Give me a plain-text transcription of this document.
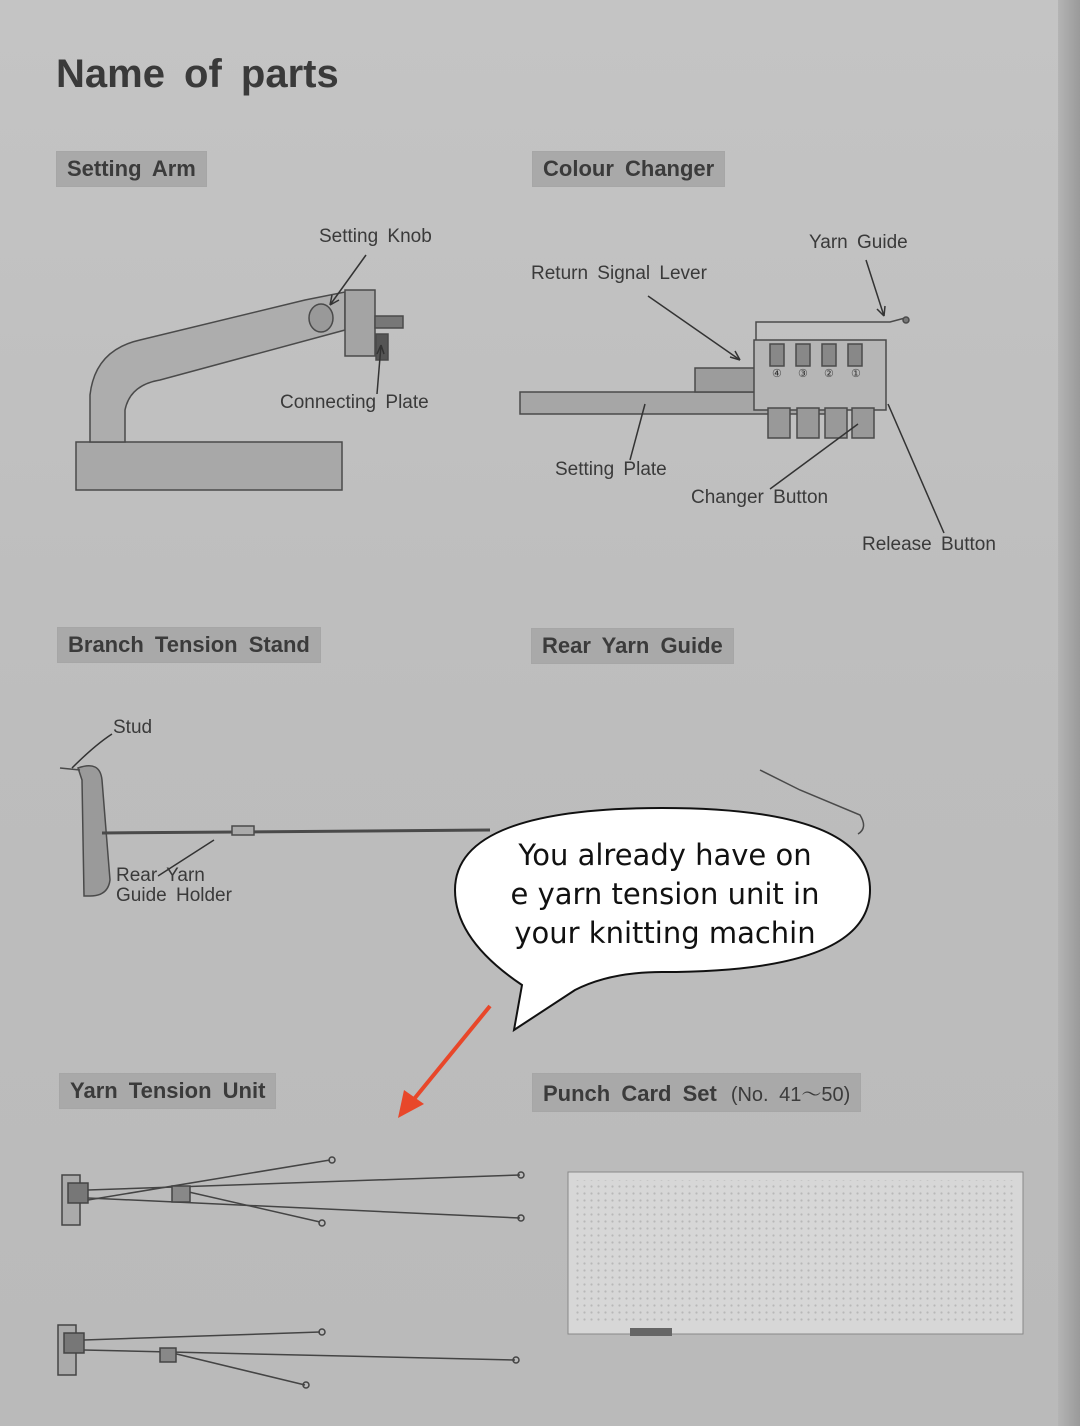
Name of parts
Setting Arm	Colour Changer
Branch Tension Stand	Rear Yarn Guide
Yarn Tension Unit	Punch Card Set (No. 41～50)
④ ③ ② ①
Setting Knob
Connecting Plate
Yarn Guide
Return Signal Lever
Setting Plate
Changer Button
Release Button
Stud
Rear Yarn
Guide Holder
You already have on
e yarn tension unit in
your knitting machin
